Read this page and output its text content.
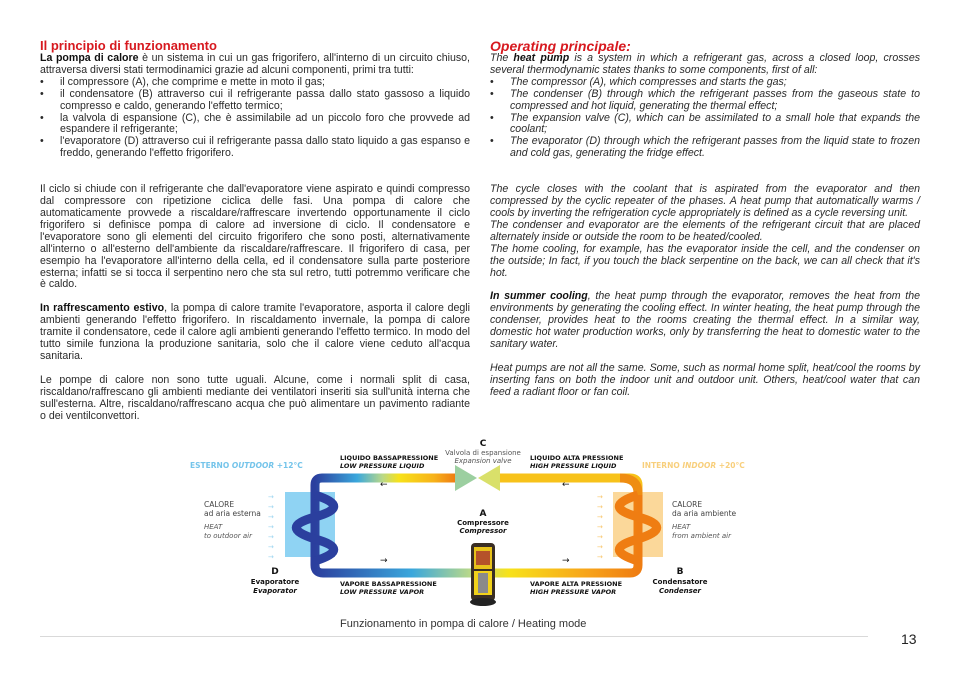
Il principio di funzionamento

La pompa di calore è un sistema in cui un gas frigorifero, all'interno di un circuito chiuso, attraversa diversi stati termodinamici grazie ad alcuni componenti, primi tra tutti:

• il compressore (A), che comprime e mette in moto il gas;
• il condensatore (B) attraverso cui il refrigerante passa dallo stato gassoso a liquido compresso e caldo, generando l'effetto termico;
• la valvola di espansione (C), che è assimilabile ad un piccolo foro che provvede ad espandere il refrigerante;
• l'evaporatore (D) attraverso cui il refrigerante passa dallo stato liquido a gas espanso e freddo, generando l'effetto frigorifero.

Il ciclo si chiude con il refrigerante che dall'evaporatore viene aspirato e quindi compresso dal compressore con ripetizione ciclica delle fasi. Una pompa di calore che automaticamente provvede a riscaldare/raffrescare invertendo opportunamente il ciclo frigorifero si definisce pompa di calore ad inversione di ciclo. Il condensatore e l'evaporatore sono gli elementi del circuito frigorifero che sono posti, alternativamente all'interno o all'esterno dell'ambiente da riscaldare/raffrescare. Il frigorifero di casa, per esempio ha l'evaporatore all'interno della cella, ed il condensatore sulla parte posteriore esterna; infatti se si tocca il serpentino nero che sta sul retro, tutti potremmo verificare che è caldo.

In raffrescamento estivo, la pompa di calore tramite l'evaporatore, asporta il calore degli ambienti generando l'effetto frigorifero. In riscaldamento invernale, la pompa di calore tramite il condensatore, cede il calore agli ambienti generando l'effetto termico. In modo del tutto simile funziona la produzione sanitaria, solo che il calore viene ceduto all'acqua sanitaria.

Le pompe di calore non sono tutte uguali. Alcune, come i normali split di casa, riscaldano/raffrescano gli ambienti mediante dei ventilatori inseriti sia sull'unità interna che sull'esterna. Altre, riscaldano/raffrescano acqua che può alimentare un pavimento radiante o dei ventilconvettori.

Operating principale:

The heat pump is a system in which a refrigerant gas, across a closed loop, crosses several thermodynamic states thanks to some components, first of all:

• The compressor (A), which compresses and starts the gas;
• The condenser (B) through which the refrigerant passes from the gaseous state to compressed and hot liquid, generating the thermal effect;
• The expansion valve (C), which can be assimilated to a small hole that expands the coolant;
• The evaporator (D) through which the refrigerant passes from the liquid state to frozen and cold gas, generating the fridge effect.

The cycle closes with the coolant that is aspirated from the evaporator and then compressed by the cyclic repeater of the phases. A heat pump that automatically warms / cools by inverting the refrigeration cycle appropriately is defined as a cycle reversing unit.

The condenser and evaporator are the elements of the refrigerant circuit that are placed alternately inside or outside the room to be heated/cooled.

The home cooling, for example, has the evaporator inside the cell, and the condenser on the outside; In fact, if you touch the black serpentine on the back, we can all check that it's hot.

In summer cooling, the heat pump through the evaporator, removes the heat from the environments by generating the cooling effect. In winter heating, the heat pump through the condenser, provides heat to the rooms creating the thermal effect. In a similar way, domestic hot water production works, only by transferring the heat to domestic water to the sanitary water.

Heat pumps are not all the same. Some, such as normal home split, heat/cool the rooms by inserting fans on both the indoor unit and outdoor unit. Others, heat/cool water that can feed a radiant floor or fan coil.

ESTERNO OUTDOOR +12°C	INTERNO INDOOR +20°C
←
→
←
→
→
→
→
→
→
→
→
→
→
→
→
→
→
→
LIQUIDO BASSAPRESSIONE
LOW PRESSURE LIQUID
LIQUIDO ALTA PRESSIONE
HIGH PRESSURE LIQUID
VAPORE BASSAPRESSIONE
LOW PRESSURE VAPOR
VAPORE ALTA PRESSIONE
HIGH PRESSURE VAPOR
C
Valvola di espansione
Expansion valve
A
Compressore
Compressor
D
Evaporatore
Evaporator
B
Condensatore
Condenser
CALORE
ad aria esterna
HEAT
to outdoor air
CALORE
da aria ambiente
HEAT
from ambient air
Funzionamento in pompa di calore / Heating mode
13
